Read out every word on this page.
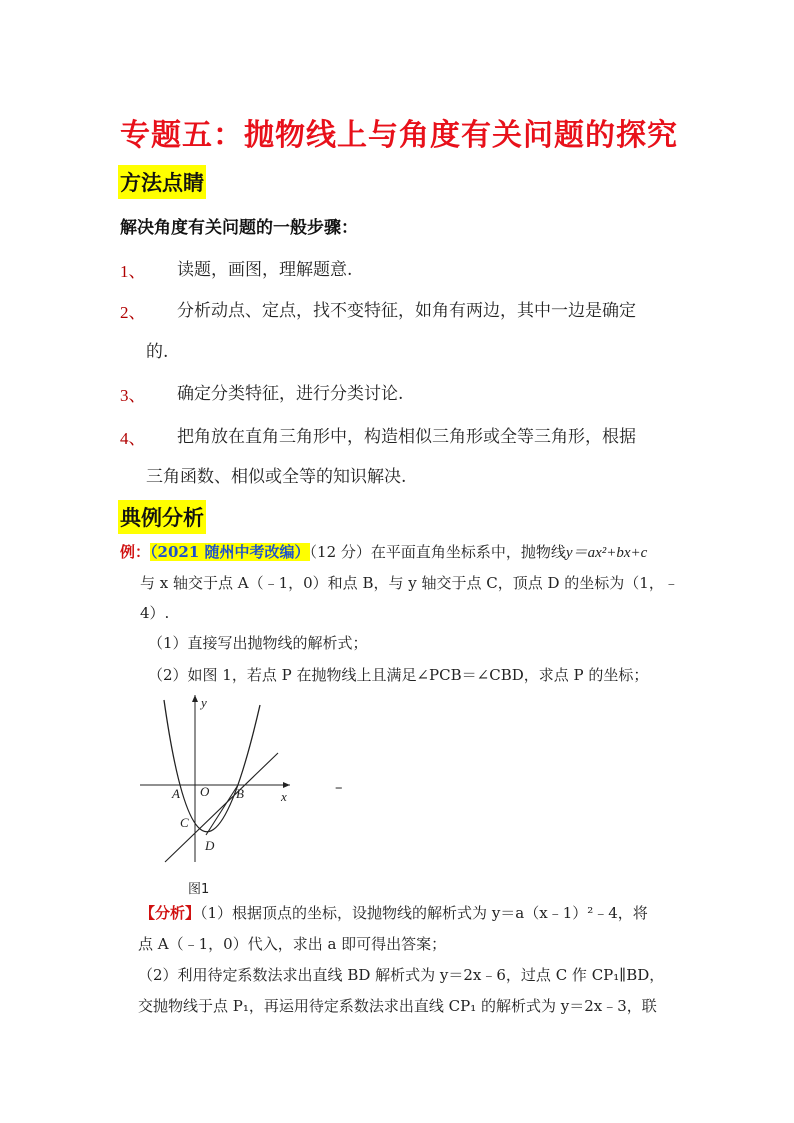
专题五：抛物线上与角度有关问题的探究
方法点睛
解决角度有关问题的一般步骤：
1、 读题，画图，理解题意.
2、 分析动点、定点，找不变特征，如角有两边，其中一边是确定
的.
3、 确定分类特征，进行分类讨论.
4、 把角放在直角三角形中，构造相似三角形或全等三角形，根据
三角函数、相似或全等的知识解决.
典例分析
例：（2021 随州中考改编）（12 分）在平面直角坐标系中，抛物线y＝ax²+bx+c
与 x 轴交于点 A（﹣1，0）和点 B，与 y 轴交于点 C，顶点 D 的坐标为（1，﹣
4）.
（1）直接写出抛物线的解析式；
（2）如图 1，若点 P 在抛物线上且满足∠PCB＝∠CBD，求点 P 的坐标；
y
x
A O B
C
D
–
图1
【分析】（1）根据顶点的坐标，设抛物线的解析式为 y＝a（x﹣1）²﹣4，将
点 A（﹣1，0）代入，求出 a 即可得出答案；
（2）利用待定系数法求出直线 BD 解析式为 y＝2x﹣6，过点 C 作 CP₁∥BD，
交抛物线于点 P₁，再运用待定系数法求出直线 CP₁ 的解析式为 y＝2x﹣3，联
